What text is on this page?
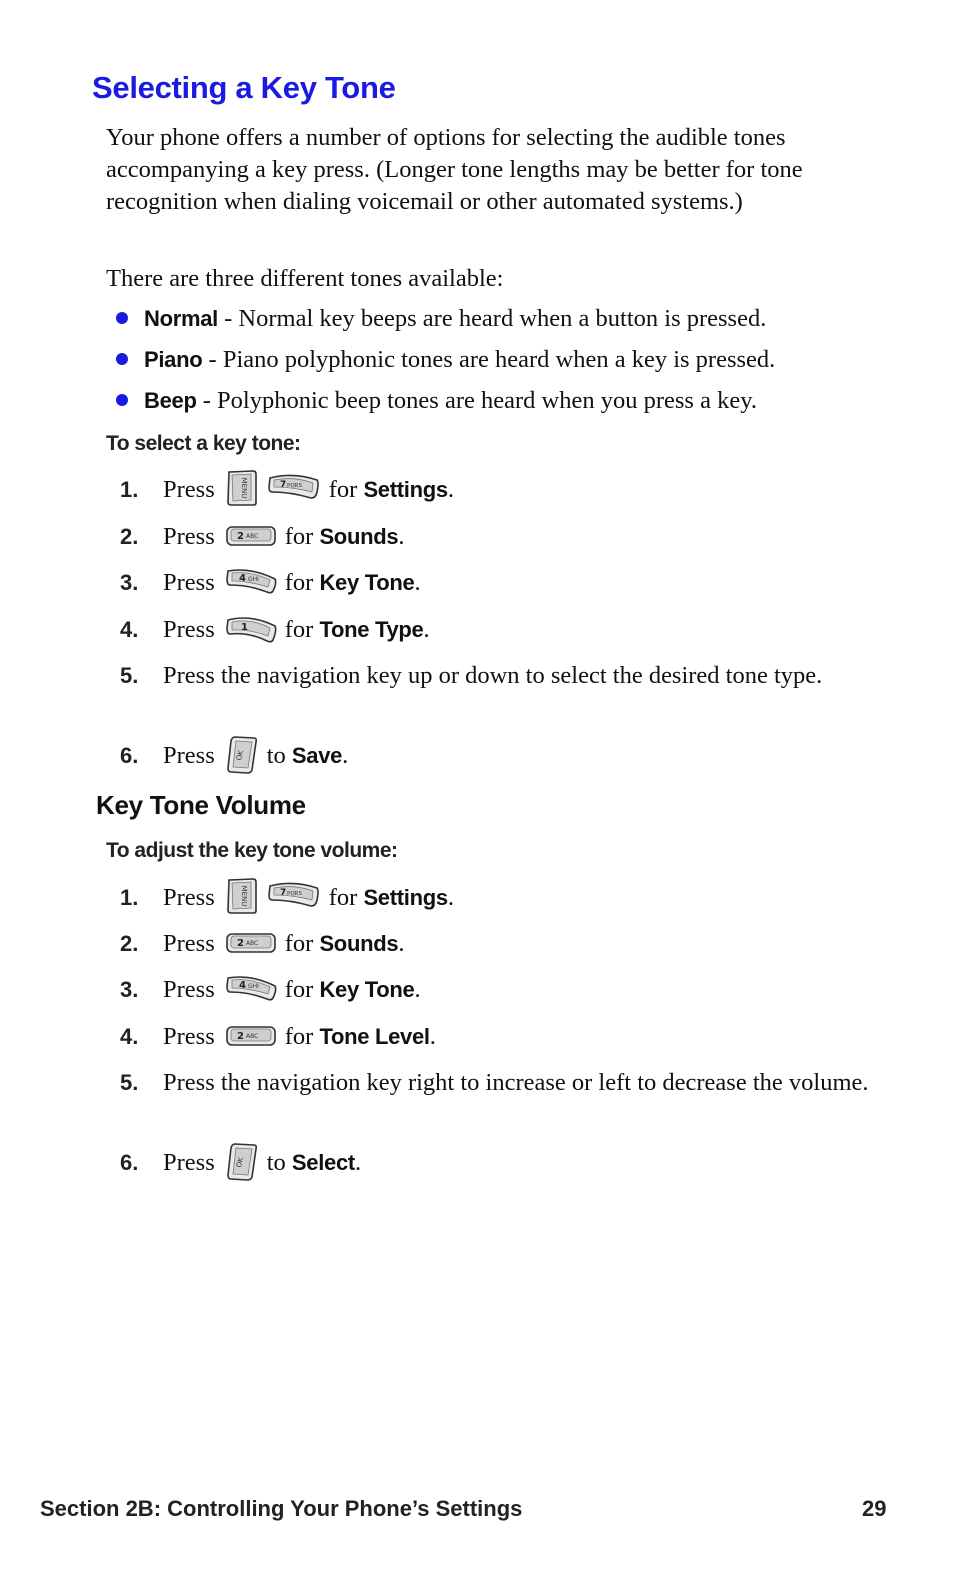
Selecting a Key Tone

Your phone offers a number of options for selecting the audible tones accompanying a key press. (Longer tone lengths may be better for tone recognition when dialing voicemail or other automated systems.)

There are three different tones available:

Normal - Normal key beeps are heard when a button is pressed.
Piano - Piano polyphonic tones are heard when a key is pressed.
Beep - Polyphonic beep tones are heard when you press a key.

To select a key tone:

1.	Press	MENU	7 PQRS for Settings.
2.	Press 2 ABC for Sounds.
3.	Press 4 GHI for Key Tone.
4.	Press	1 for Tone Type.
5.	Press the navigation key up or down to select the desired tone type.
6.	Press	OK to Save.
Key Tone Volume

To adjust the key tone volume:

1.	Press	MENU	7 PQRS for Settings.
2.	Press 2 ABC for Sounds.
3.	Press 4 GHI for Key Tone.
4.	Press 2 ABC for Tone Level.
5.	Press the navigation key right to increase or left to decrease the volume.
6.	Press	OK to Select.

Section 2B: Controlling Your Phone’s Settings	29
